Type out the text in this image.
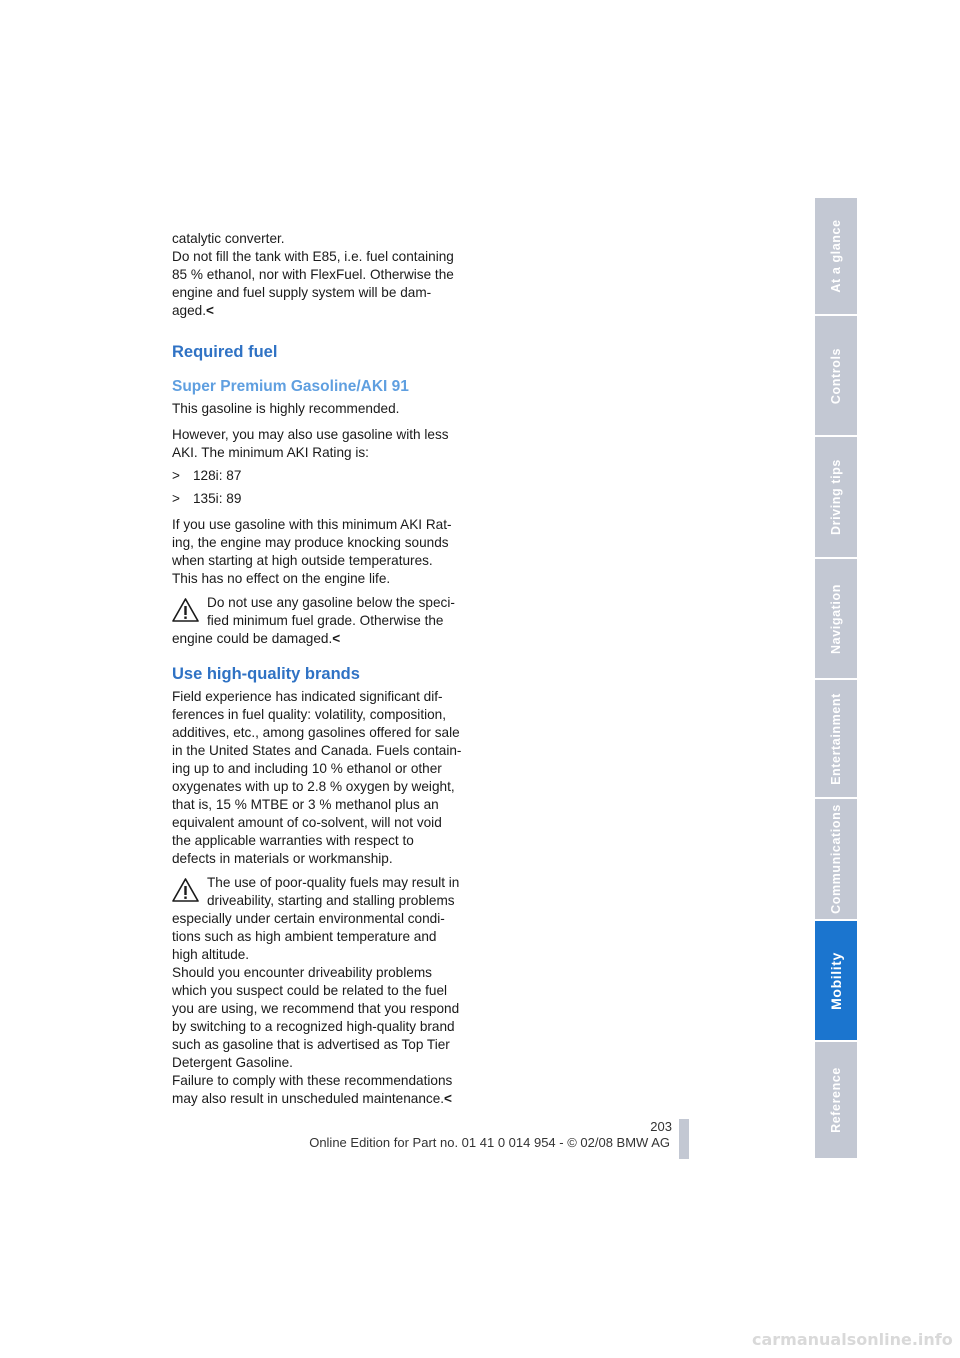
catalytic converter.
Do not fill the tank with E85, i.e. fuel containing
85 % ethanol, nor with FlexFuel. Otherwise the
engine and fuel supply system will be dam-
aged.<
Required fuel
Super Premium Gasoline/AKI 91
This gasoline is highly recommended.
However, you may also use gasoline with less
AKI. The minimum AKI Rating is:
> 128i: 87
> 135i: 89
If you use gasoline with this minimum AKI Rat-
ing, the engine may produce knocking sounds
when starting at high outside temperatures.
This has no effect on the engine life.
Do not use any gasoline below the speci-
fied minimum fuel grade. Otherwise the
engine could be damaged.<
Use high-quality brands
Field experience has indicated significant dif-
ferences in fuel quality: volatility, composition,
additives, etc., among gasolines offered for sale
in the United States and Canada. Fuels contain-
ing up to and including 10 % ethanol or other
oxygenates with up to 2.8 % oxygen by weight,
that is, 15 % MTBE or 3 % methanol plus an
equivalent amount of co-solvent, will not void
the applicable warranties with respect to
defects in materials or workmanship.
The use of poor-quality fuels may result in
driveability, starting and stalling problems
especially under certain environmental condi-
tions such as high ambient temperature and
high altitude.
Should you encounter driveability problems
which you suspect could be related to the fuel
you are using, we recommend that you respond
by switching to a recognized high-quality brand
such as gasoline that is advertised as Top Tier
Detergent Gasoline.
Failure to comply with these recommendations
may also result in unscheduled maintenance.<
At a glance
Controls
Driving tips
Navigation
Entertainment
Communications
Mobility
Reference
203
Online Edition for Part no. 01 41 0 014 954 - © 02/08 BMW AG
carmanualsonline.info
